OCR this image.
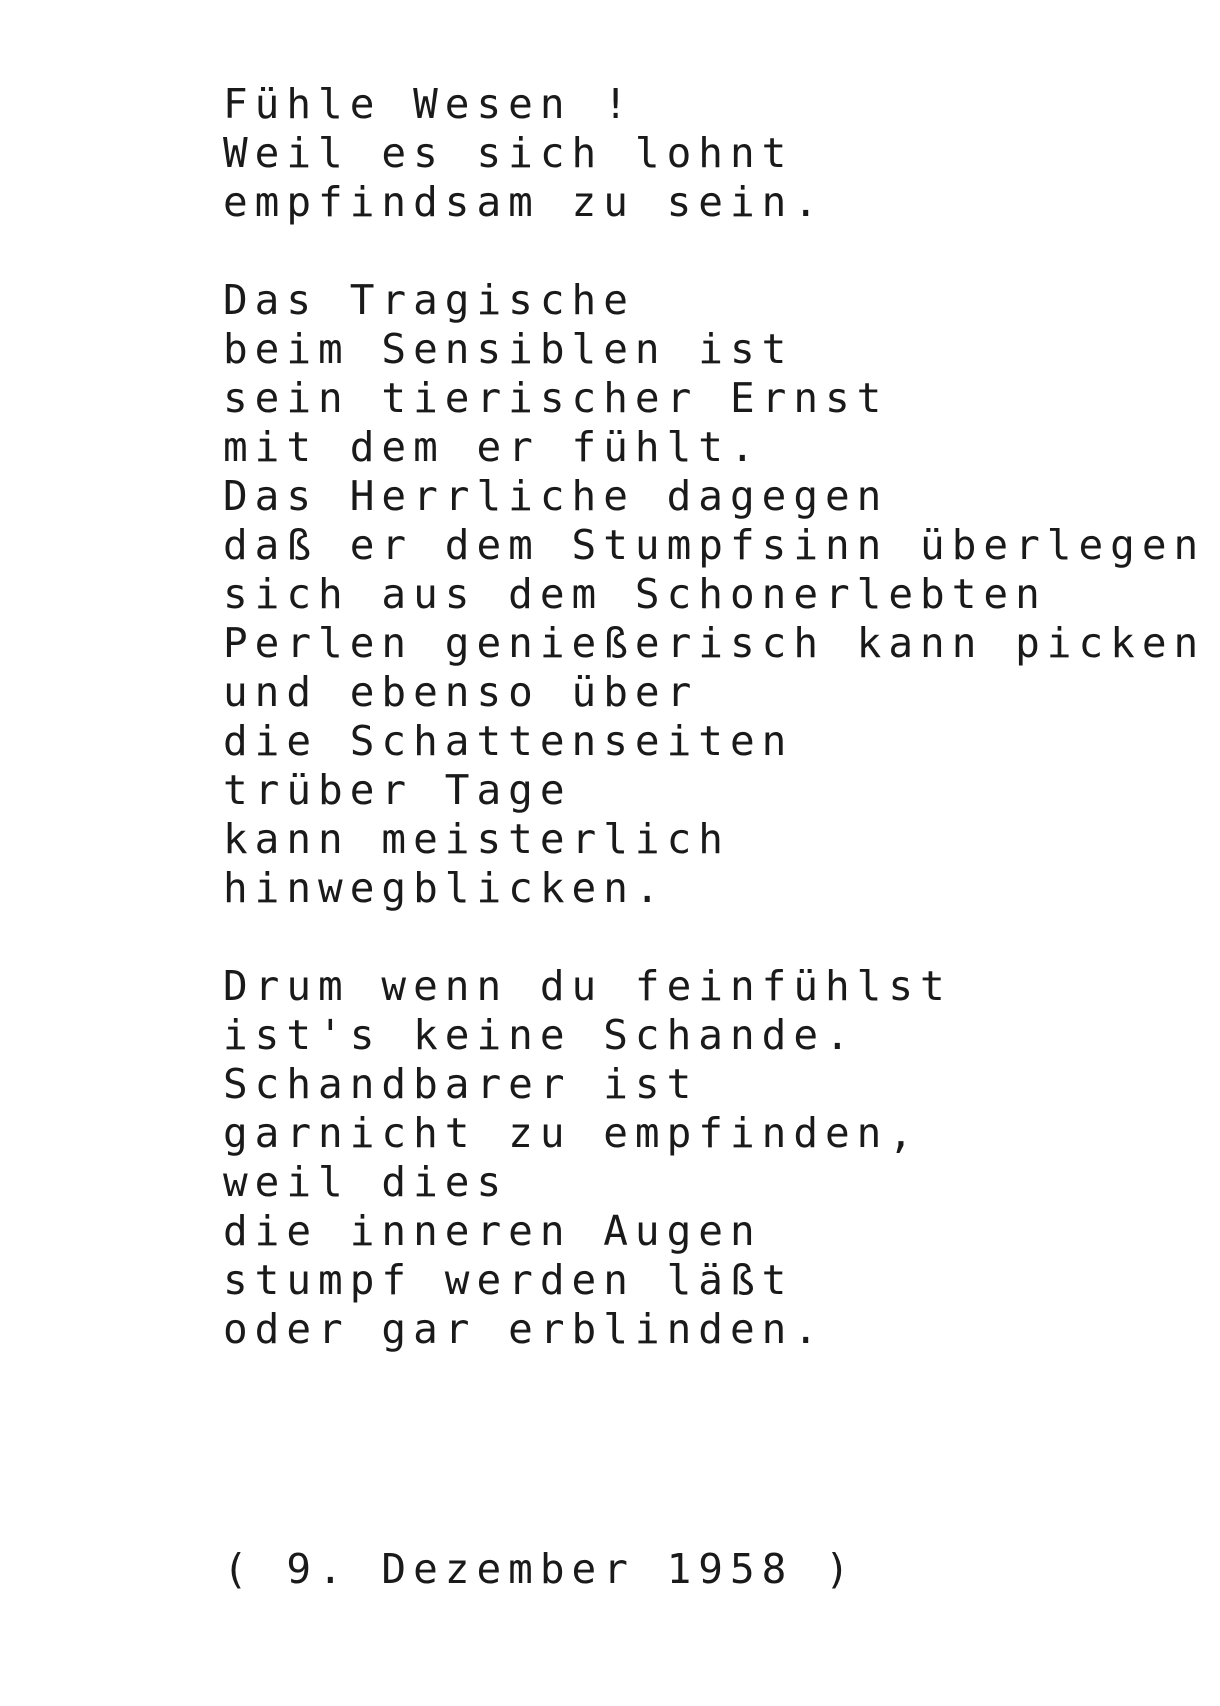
Fühle Wesen !
Weil es sich lohnt
empfindsam zu sein.
Das Tragische
beim Sensiblen ist
sein tierischer Ernst
mit dem er fühlt.
Das Herrliche dagegen
daß er dem Stumpfsinn überlegen
sich aus dem Schonerlebten
Perlen genießerisch kann picken
und ebenso über
die Schattenseiten
trüber Tage
kann meisterlich
hinwegblicken.
Drum wenn du feinfühlst
ist's keine Schande.
Schandbarer ist
garnicht zu empfinden,
weil dies
die inneren Augen
stumpf werden läßt
oder gar erblinden.
( 9. Dezember 1958 )
